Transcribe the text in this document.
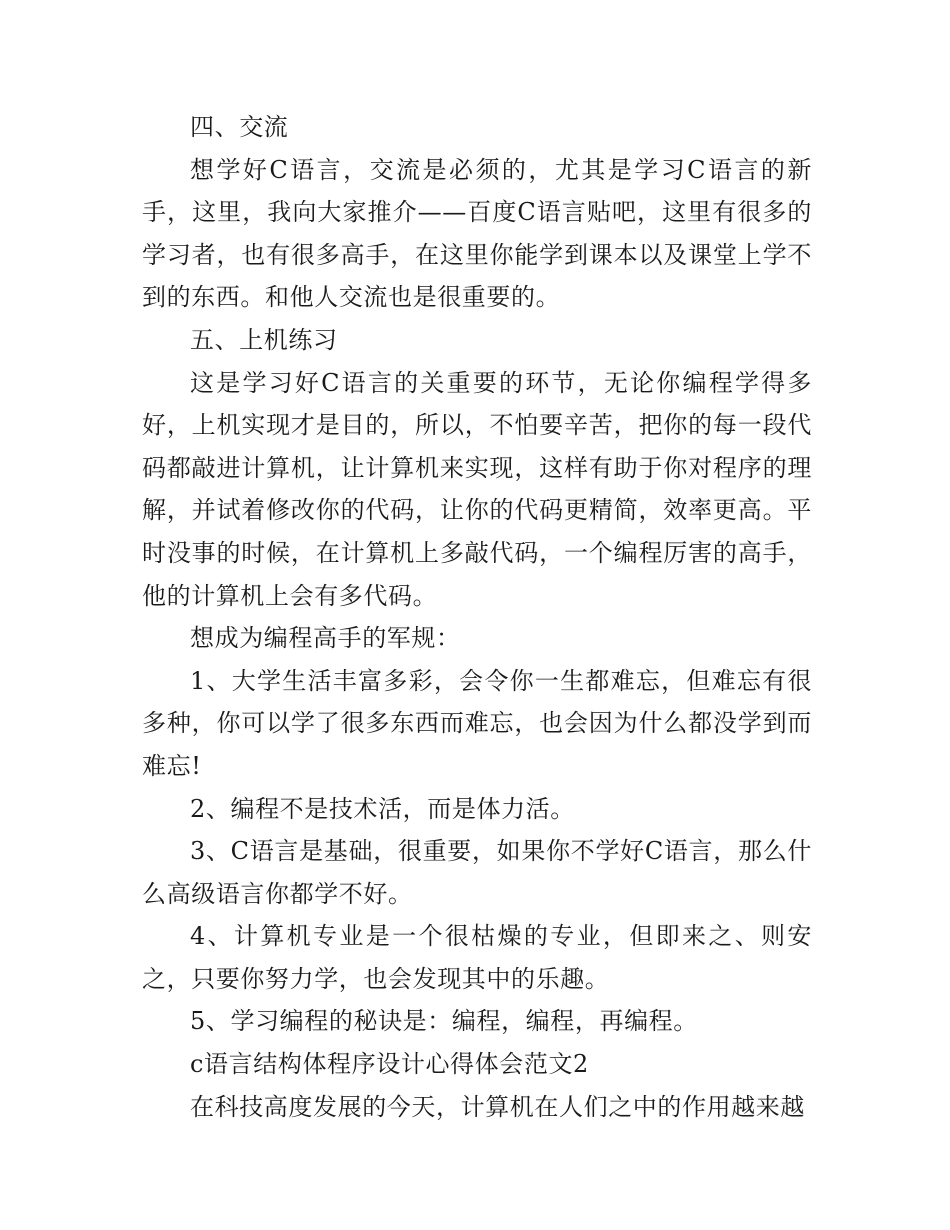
四、交流

想学好C语言，交流是必须的，尤其是学习C语言的新手，这里，我向大家推介——百度C语言贴吧，这里有很多的学习者，也有很多高手，在这里你能学到课本以及课堂上学不到的东西。和他人交流也是很重要的。

五、上机练习

这是学习好C语言的关重要的环节，无论你编程学得多好，上机实现才是目的，所以，不怕要辛苦，把你的每一段代码都敲进计算机，让计算机来实现，这样有助于你对程序的理解，并试着修改你的代码，让你的代码更精简，效率更高。平时没事的时候，在计算机上多敲代码，一个编程厉害的高手，他的计算机上会有多代码。

想成为编程高手的军规：

1、大学生活丰富多彩，会令你一生都难忘，但难忘有很多种，你可以学了很多东西而难忘，也会因为什么都没学到而难忘!

2、编程不是技术活，而是体力活。

3、C语言是基础，很重要，如果你不学好C语言，那么什么高级语言你都学不好。

4、计算机专业是一个很枯燥的专业，但即来之、则安之，只要你努力学，也会发现其中的乐趣。

5、学习编程的秘诀是：编程，编程，再编程。

c语言结构体程序设计心得体会范文2

在科技高度发展的今天，计算机在人们之中的作用越来越
